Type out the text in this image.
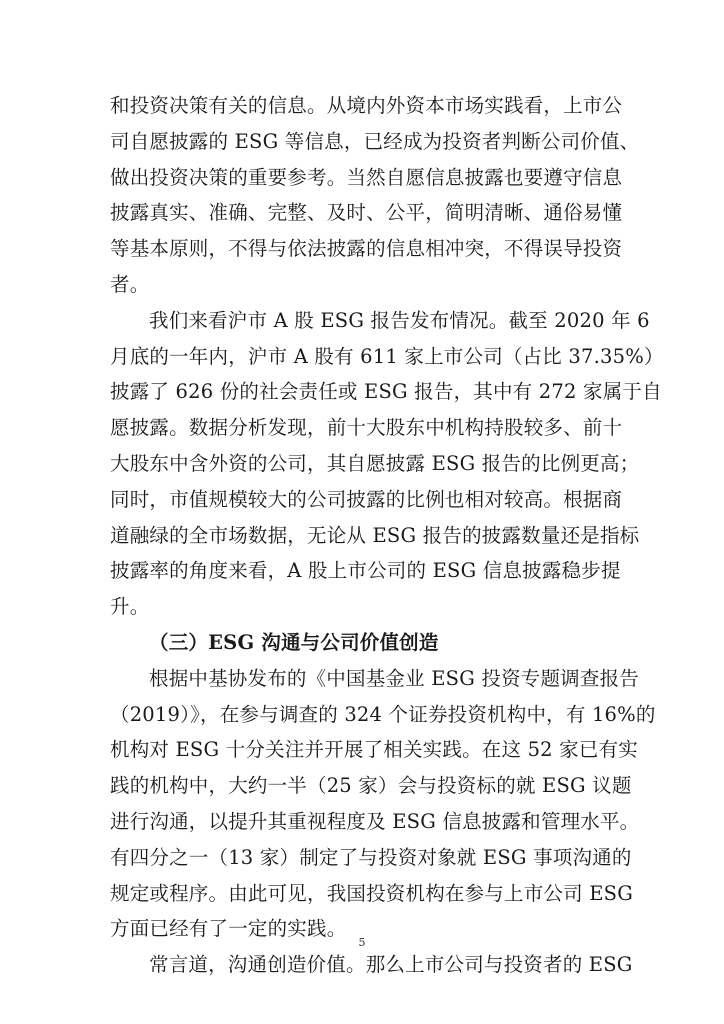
和投资决策有关的信息。从境内外资本市场实践看，上市公
司自愿披露的 ESG 等信息，已经成为投资者判断公司价值、
做出投资决策的重要参考。当然自愿信息披露也要遵守信息
披露真实、准确、完整、及时、公平，简明清晰、通俗易懂
等基本原则，不得与依法披露的信息相冲突，不得误导投资
者。
我们来看沪市 A 股 ESG 报告发布情况。截至 2020 年 6
月底的一年内，沪市 A 股有 611 家上市公司（占比 37.35%）
披露了 626 份的社会责任或 ESG 报告，其中有 272 家属于自
愿披露。数据分析发现，前十大股东中机构持股较多、前十
大股东中含外资的公司，其自愿披露 ESG 报告的比例更高；
同时，市值规模较大的公司披露的比例也相对较高。根据商
道融绿的全市场数据，无论从 ESG 报告的披露数量还是指标
披露率的角度来看，A 股上市公司的 ESG 信息披露稳步提
升。
（三）ESG 沟通与公司价值创造
根据中基协发布的《中国基金业 ESG 投资专题调查报告
（2019）》，在参与调查的 324 个证券投资机构中，有 16%的
机构对 ESG 十分关注并开展了相关实践。在这 52 家已有实
践的机构中，大约一半（25 家）会与投资标的就 ESG 议题
进行沟通，以提升其重视程度及 ESG 信息披露和管理水平。
有四分之一（13 家）制定了与投资对象就 ESG 事项沟通的
规定或程序。由此可见，我国投资机构在参与上市公司 ESG
方面已经有了一定的实践。
常言道，沟通创造价值。那么上市公司与投资者的 ESG
5
